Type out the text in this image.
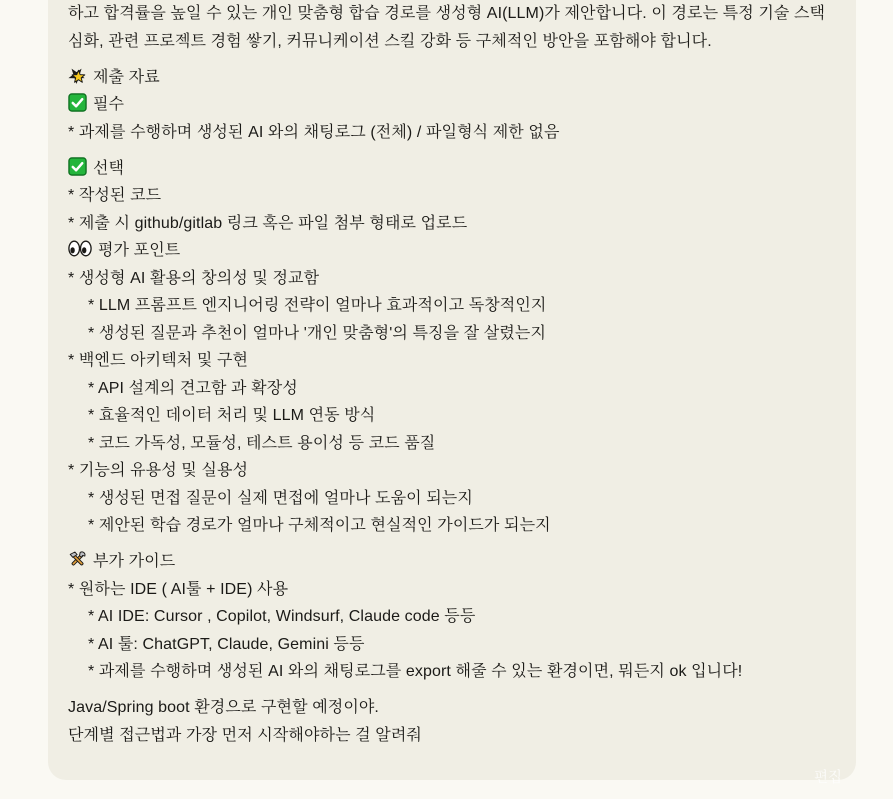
하고 합격률을 높일 수 있는 개인 맞춤형 합습 경로를 생성형 AI(LLM)가 제안합니다. 이 경로는 특정 기술 스택 심화, 관련 프로젝트 경험 쌓기, 커뮤니케이션 스킬 강화 등 구체적인 방안을 포함해야 합니다.

제출 자료
필수
* 과제를 수행하며 생성된 AI 와의 채팅로그 (전체) / 파일형식 제한 없음

선택
* 작성된 코드
* 제출 시 github/gitlab 링크 혹은 파일 첨부 형태로 업로드
평가 포인트
* 생성형 AI 활용의 창의성 및 정교함
* LLM 프롬프트 엔지니어링 전략이 얼마나 효과적이고 독창적인지
* 생성된 질문과 추천이 얼마나 '개인 맞춤형'의 특징을 잘 살렸는지
* 백엔드 아키텍처 및 구현
* API 설계의 견고함 과 확장성
* 효율적인 데이터 처리 및 LLM 연동 방식
* 코드 가독성, 모듈성, 테스트 용이성 등 코드 품질
* 기능의 유용성 및 실용성
* 생성된 면접 질문이 실제 면접에 얼마나 도움이 되는지
* 제안된 학습 경로가 얼마나 구체적이고 현실적인 가이드가 되는지

부가 가이드
* 원하는 IDE ( AI툴 + IDE) 사용
* AI IDE: Cursor , Copilot, Windsurf, Claude code 등등
* AI 툴: ChatGPT, Claude, Gemini 등등
* 과제를 수행하며 생성된 AI 와의 채팅로그를 export 해줄 수 있는 환경이면, 뭐든지 ok 입니다!

Java/Spring boot 환경으로 구현할 예정이야.
단계별 접근법과 가장 먼저 시작해야하는 걸 알려줘

편집
